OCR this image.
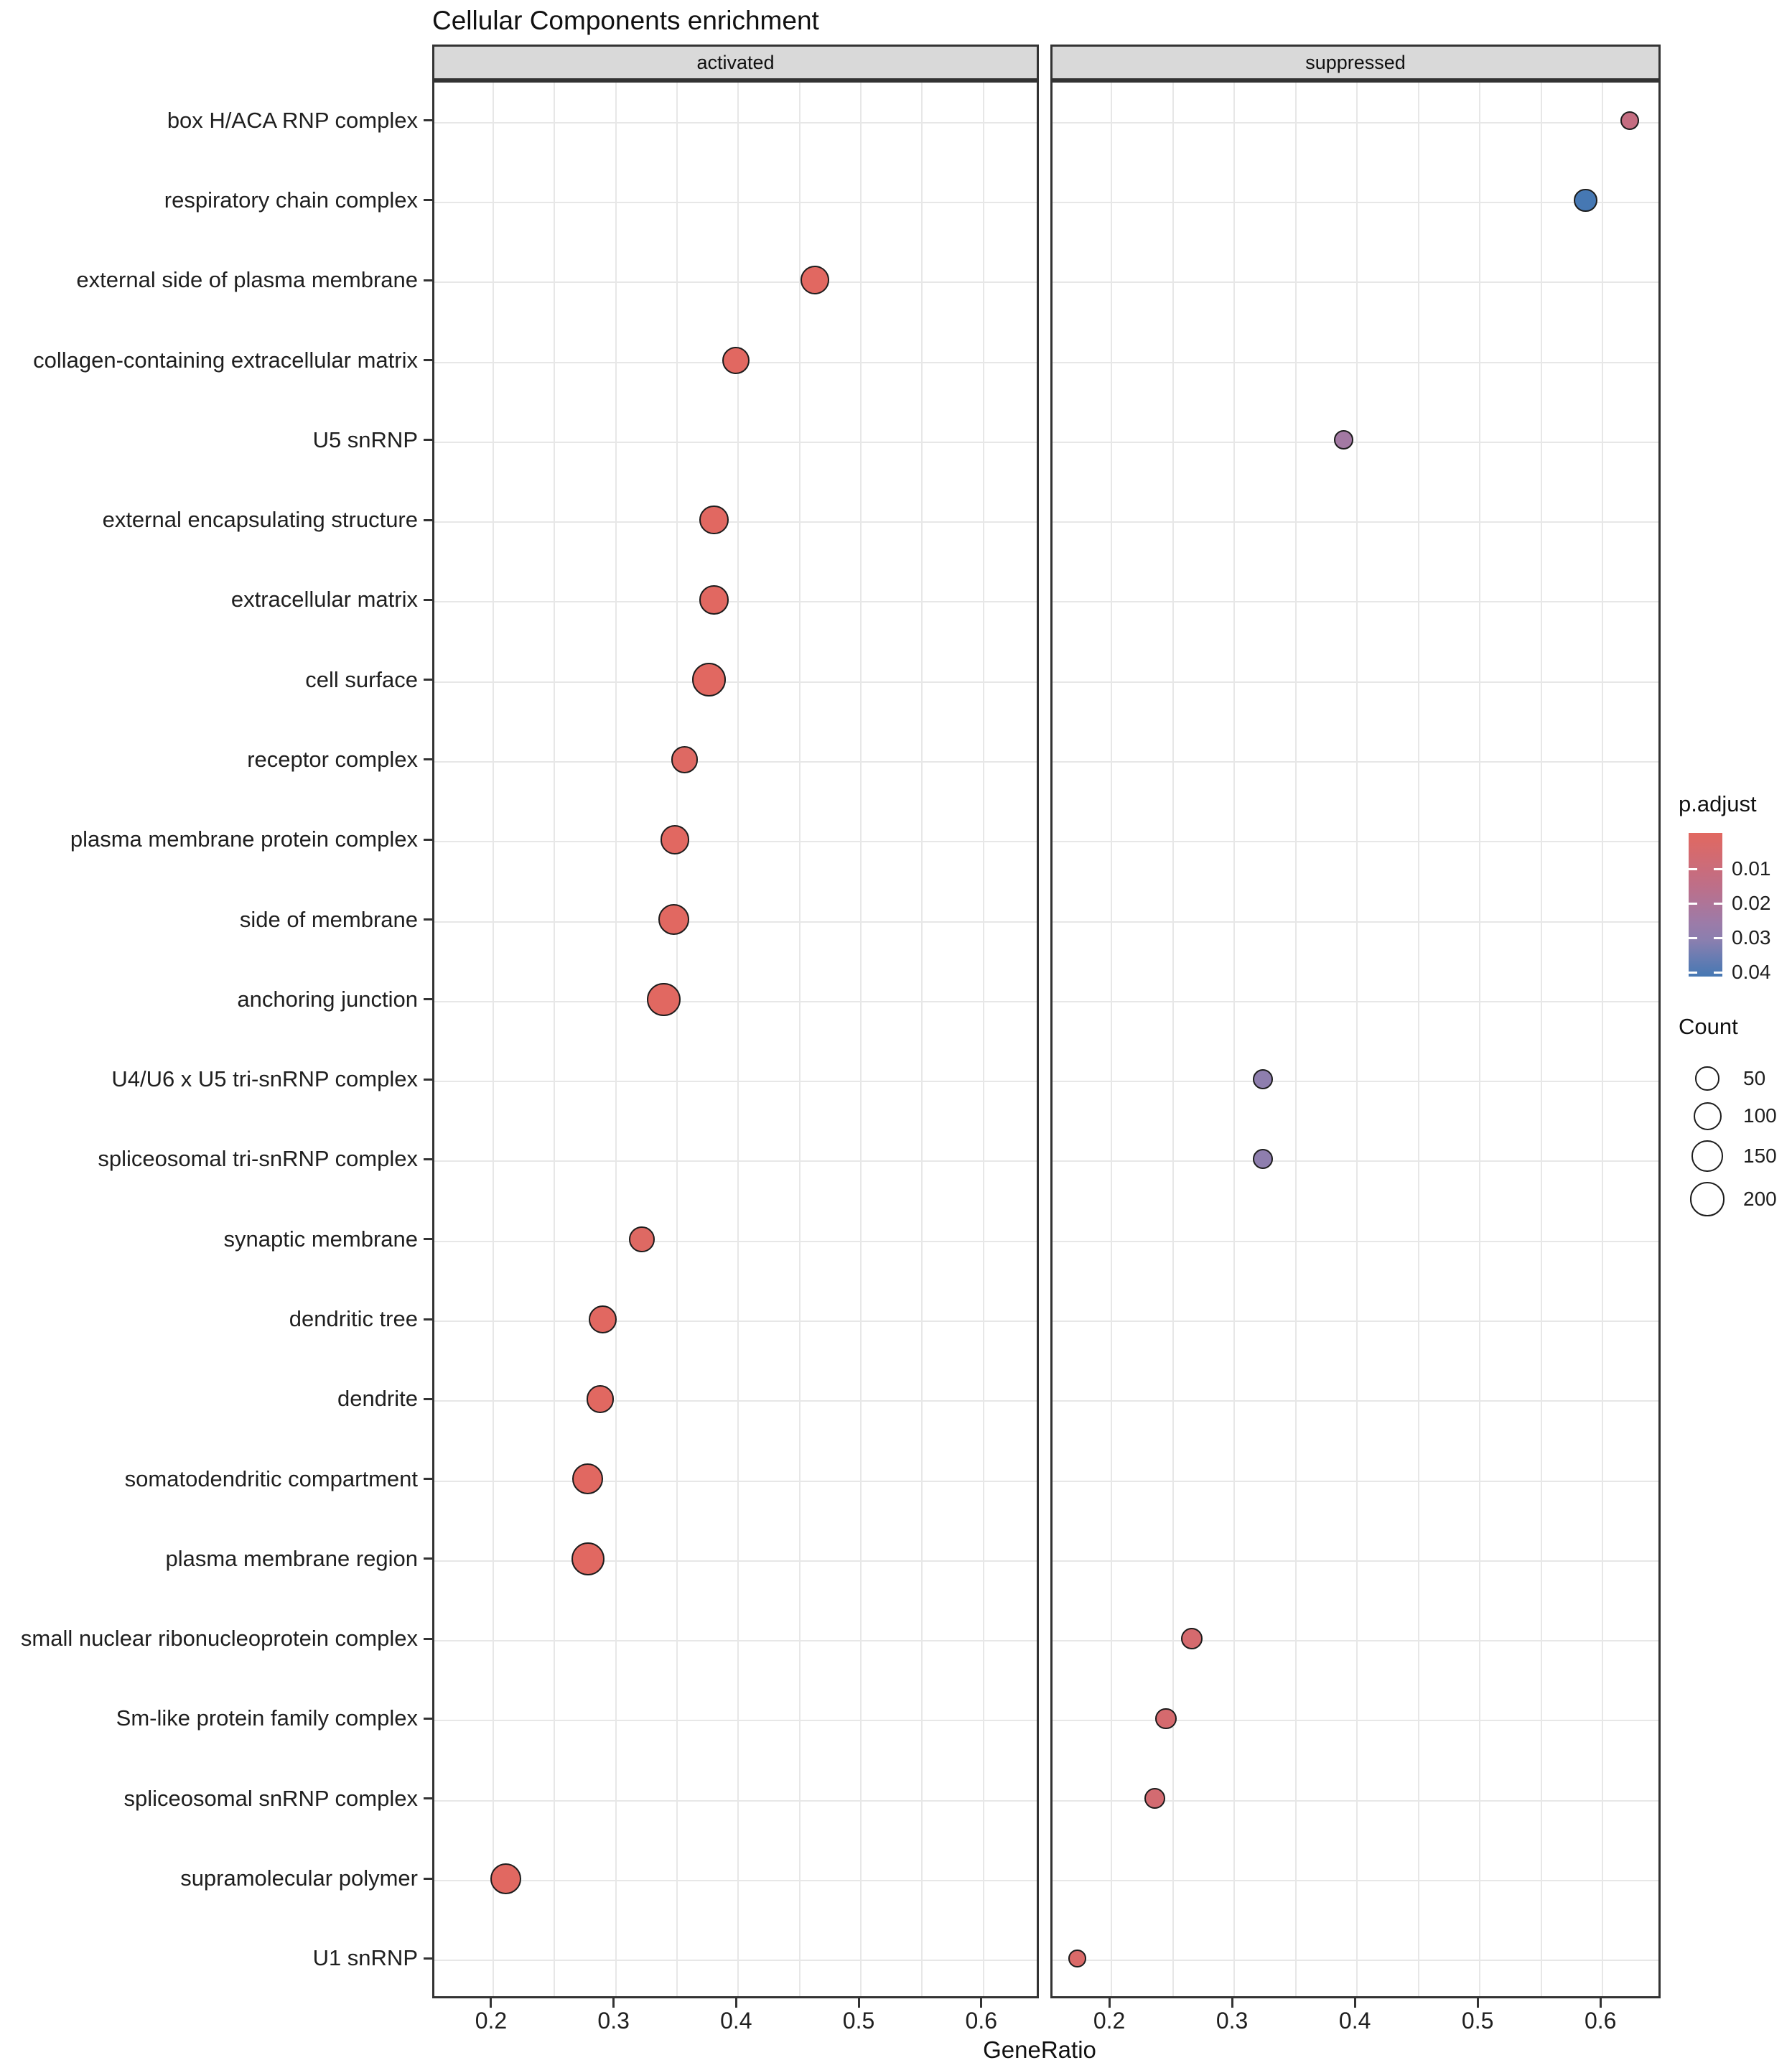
Cellular Components enrichment
activated	suppressed
box H/ACA RNP complex
respiratory chain complex
external side of plasma membrane
collagen-containing extracellular matrix
U5 snRNP
external encapsulating structure
extracellular matrix
cell surface
receptor complex
plasma membrane protein complex
side of membrane
anchoring junction
U4/U6 x U5 tri-snRNP complex
spliceosomal tri-snRNP complex
synaptic membrane
dendritic tree
dendrite
somatodendritic compartment
plasma membrane region
small nuclear ribonucleoprotein complex
Sm-like protein family complex
spliceosomal snRNP complex
supramolecular polymer
U1 snRNP
0.2	0.3	0.4	0.5	0.6	0.2	0.3	0.4	0.5	0.6
GeneRatio
p.adjust
0.01
0.02
0.03
0.04
Count
50
100
150
200
